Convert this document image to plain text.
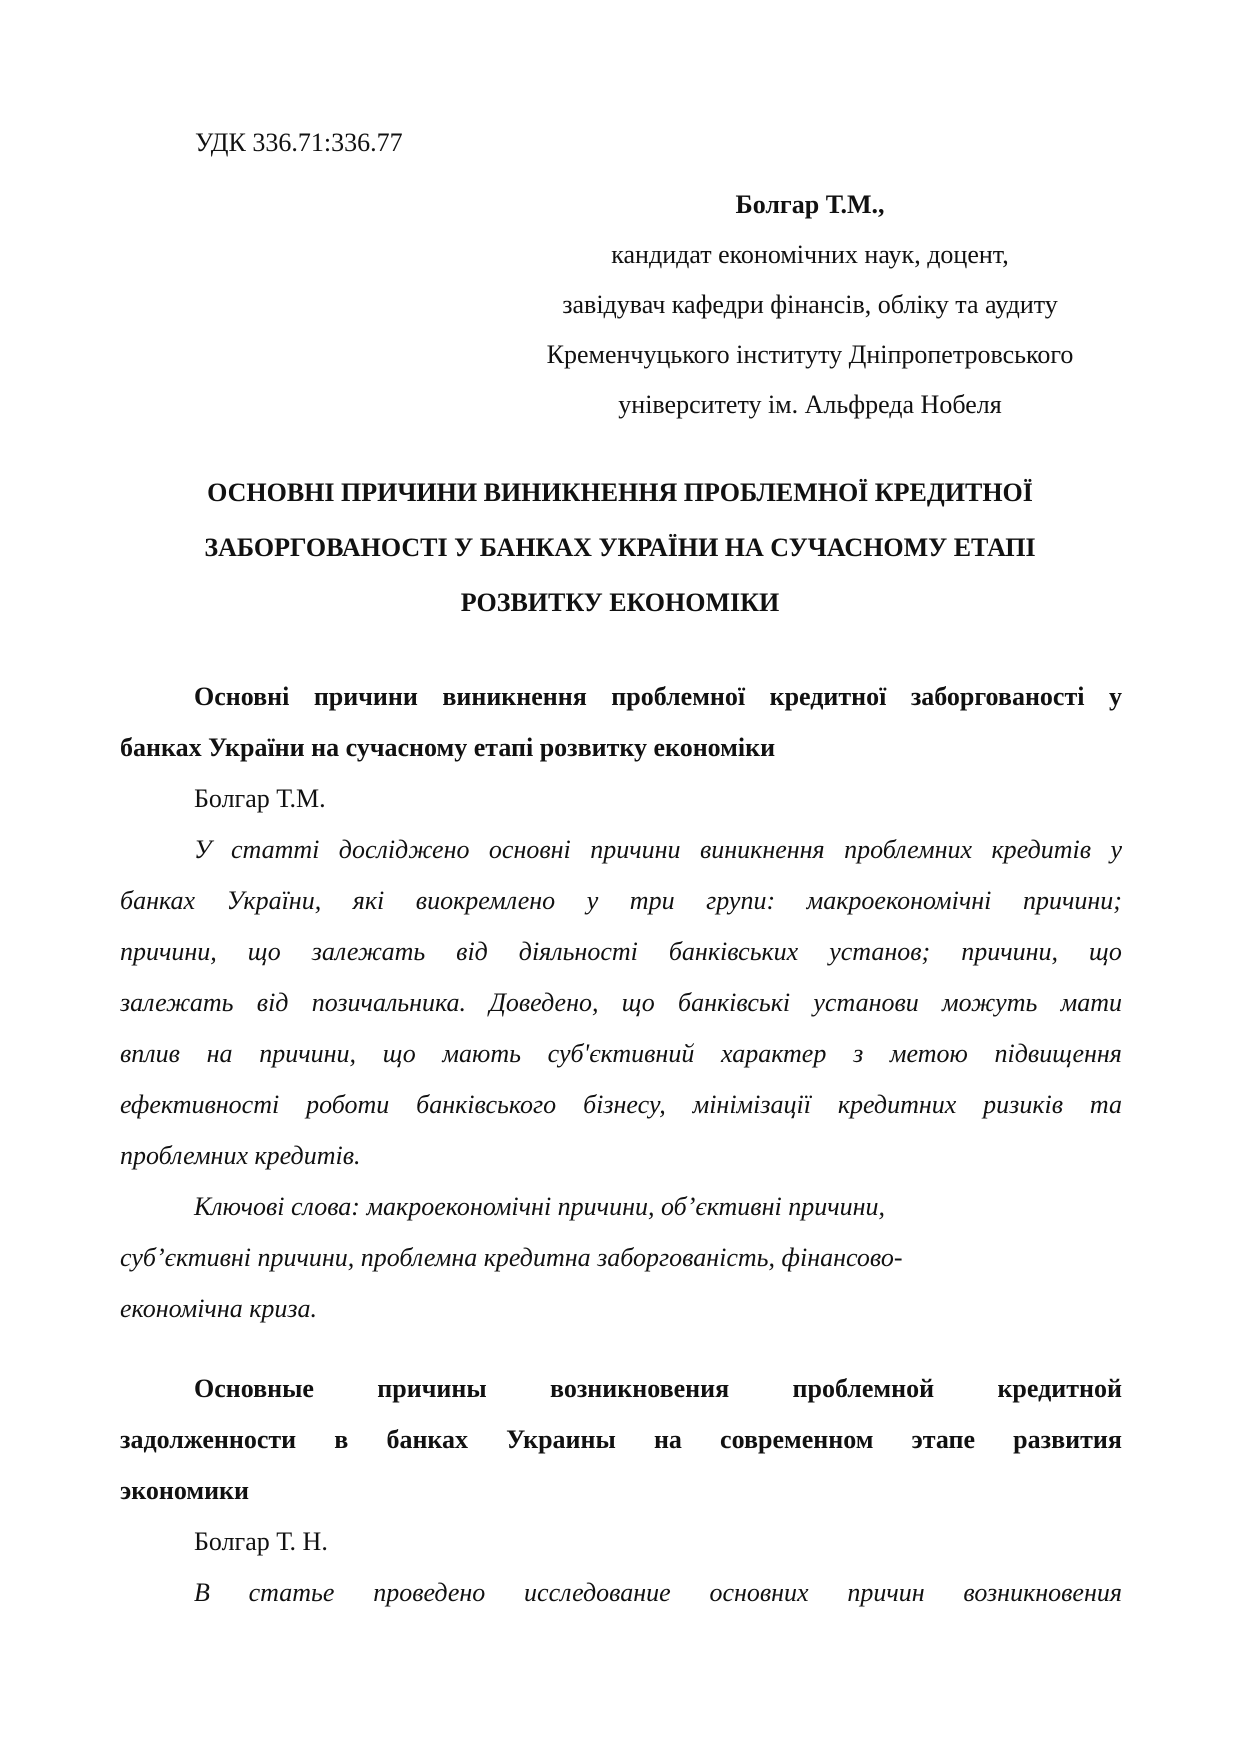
УДК 336.71:336.77
Болгар Т.М.,
кандидат економічних наук, доцент,
завідувач кафедри фінансів, обліку та аудиту
Кременчуцького інституту Дніпропетровського
університету ім. Альфреда Нобеля
ОСНОВНІ ПРИЧИНИ ВИНИКНЕННЯ ПРОБЛЕМНОЇ КРЕДИТНОЇ
ЗАБОРГОВАНОСТІ У БАНКАХ УКРАЇНИ НА СУЧАСНОМУ ЕТАПІ
РОЗВИТКУ ЕКОНОМІКИ
Основні причини виникнення проблемної кредитної заборгованості у
банках України на сучасному етапі розвитку економіки
Болгар Т.М.
У статті досліджено основні причини виникнення проблемних кредитів у
банках України, які виокремлено у три групи: макроекономічні причини;
причини, що залежать від діяльності банківських установ; причини, що
залежать від позичальника. Доведено, що банківські установи можуть мати
вплив на причини, що мають суб'єктивний характер з метою підвищення
ефективності роботи банківського бізнесу, мінімізації кредитних ризиків та
проблемних кредитів.
Ключові слова: макроекономічні причини, об’єктивні причини,
суб’єктивні причини, проблемна кредитна заборгованість, фінансово-
економічна криза.
Основные причины возникновения проблемной кредитной
задолженности в банках Украины на современном этапе развития
экономики
Болгар Т. Н.
В статье проведено исследование основних причин возникновения
